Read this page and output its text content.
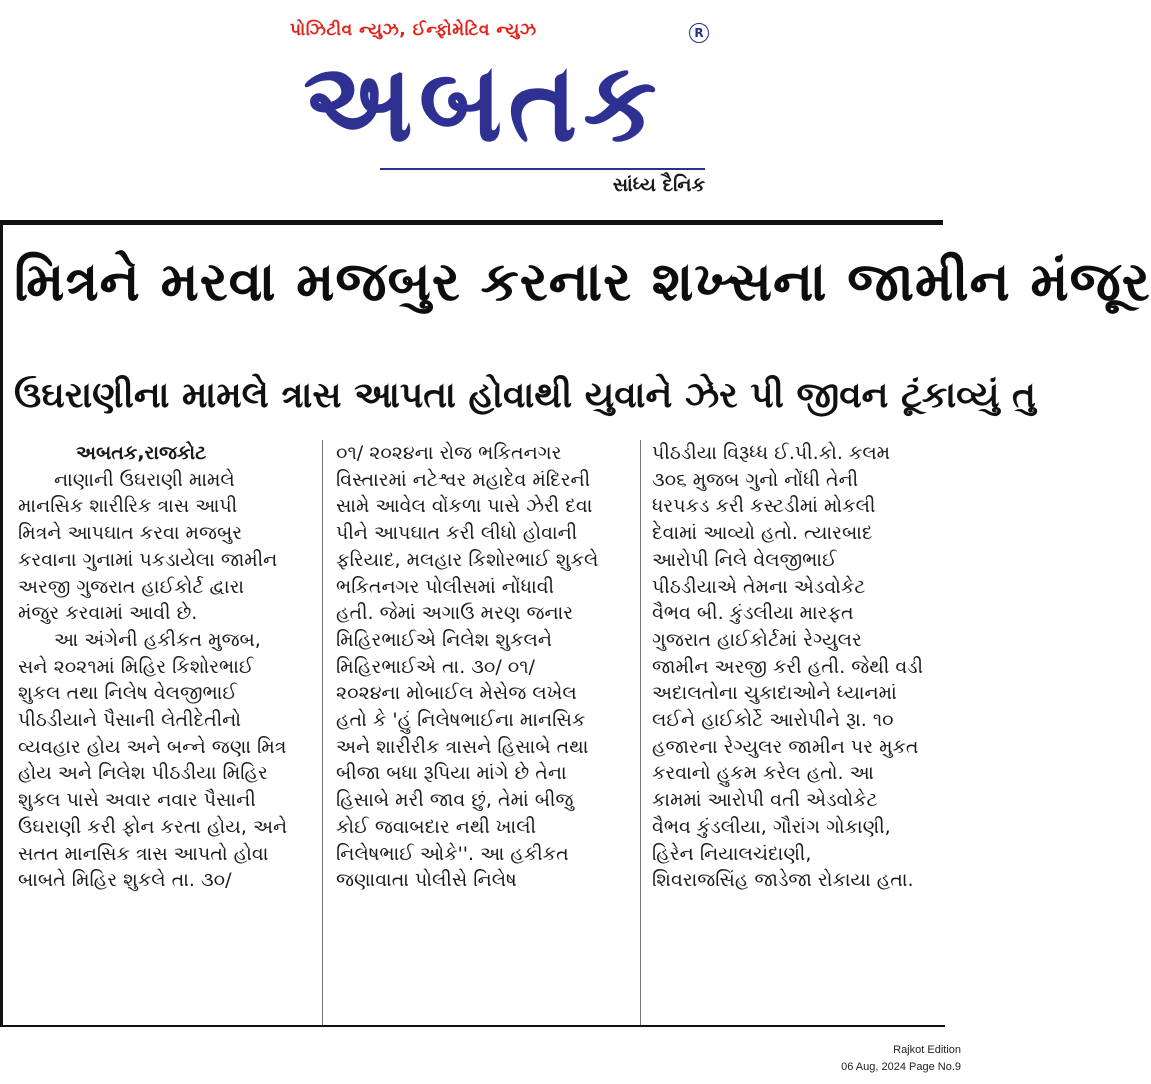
પોઝિટીવ ન્યુઝ, ઈન્ફોમેટિવ ન્યુઝ	R
અબતક
સાંધ્ય દૈનિક
મિત્રને મરવા મજબુર કરનાર શખ્સના જામીન મંજૂર
ઉઘરાણીના મામલે ત્રાસ આપતા હોવાથી યુવાને ઝેર પી જીવન ટૂંકાવ્યું તુ
અબતક,રાજકોટ
નાણાની ઉઘરાણી મામલે
માનસિક શારીરિક ત્રાસ આપી
મિત્રને આપઘાત કરવા મજબુર
કરવાના ગુનામાં પકડાયેલા જામીન
અરજી ગુજરાત હાઈકોર્ટ દ્વારા
મંજુર કરવામાં આવી છે.
આ અંગેની હકીકત મુજબ,
સને ૨૦૨૧માં મિહિર કિશોરભાઈ
શુકલ તથા નિલેષ વેલજીભાઈ
પીઠડીયાને પૈસાની લેતીદેતીનો
વ્યવહાર હોય અને બન્ને જણા મિત્ર
હોય અને નિલેશ પીઠડીયા મિહિર
શુકલ પાસે અવાર નવાર પૈસાની
ઉઘરાણી કરી ફોન કરતા હોય, અને
સતત માનસિક ત્રાસ આપતો હોવા
બાબતે મિહિર શુકલે તા. ૩૦/
૦૧/ ૨૦૨૪ના રોજ ભકિતનગર
વિસ્તારમાં નટેશ્વર મહાદેવ મંદિરની
સામે આવેલ વોંકળા પાસે ઝેરી દવા
પીને આપઘાત કરી લીધો હોવાની
ફરિયાદ, મલહાર કિશોરભાઈ શુકલે
ભકિતનગર પોલીસમાં નોંધાવી
હતી. જેમાં અગાઉ મરણ જનાર
મિહિરભાઈએ નિલેશ શુકલને
મિહિરભાઈએ તા. ૩૦/ ૦૧/
૨૦૨૪ના મોબાઈલ મેસેજ લખેલ
હતો કે 'હું નિલેષભાઈના માનસિક
અને શારીરીક ત્રાસને હિસાબે તથા
બીજા બધા રૂપિયા માંગે છે તેના
હિસાબે મરી જાવ છું, તેમાં બીજુ
કોઈ જવાબદાર નથી ખાલી
નિલેષભાઈ ઓકે''. આ હકીકત
જણાવાતા પોલીસે નિલેષ
પીઠડીયા વિરૂધ્ધ ઈ.પી.કો. કલમ
૩૦૬ મુજબ ગુનો નોંધી તેની
ધરપકડ કરી કસ્ટડીમાં મોકલી
દેવામાં આવ્યો હતો. ત્યારબાદ
આરોપી નિલે વેલજીભાઈ
પીઠડીયાએ તેમના એડવોકેટ
વૈભવ બી. કુંડલીયા મારફત
ગુજરાત હાઈકોર્ટમાં રેગ્યુલર
જામીન અરજી કરી હતી. જેથી વડી
અદાલતોના ચુકાદાઓને ધ્યાનમાં
લઈને હાઈકોર્ટે આરોપીને રૂા. ૧૦
હજારના રેગ્યુલર જામીન પર મુકત
કરવાનો હુકમ કરેલ હતો. આ
કામમાં આરોપી વતી એડવોકેટ
વૈભવ કુંડલીયા, ગૌરાંગ ગોકાણી,
હિરેન નિયાલચંદાણી,
શિવરાજસિંહ જાડેજા રોકાયા હતા.
Rajkot Edition
06 Aug, 2024 Page No.9
